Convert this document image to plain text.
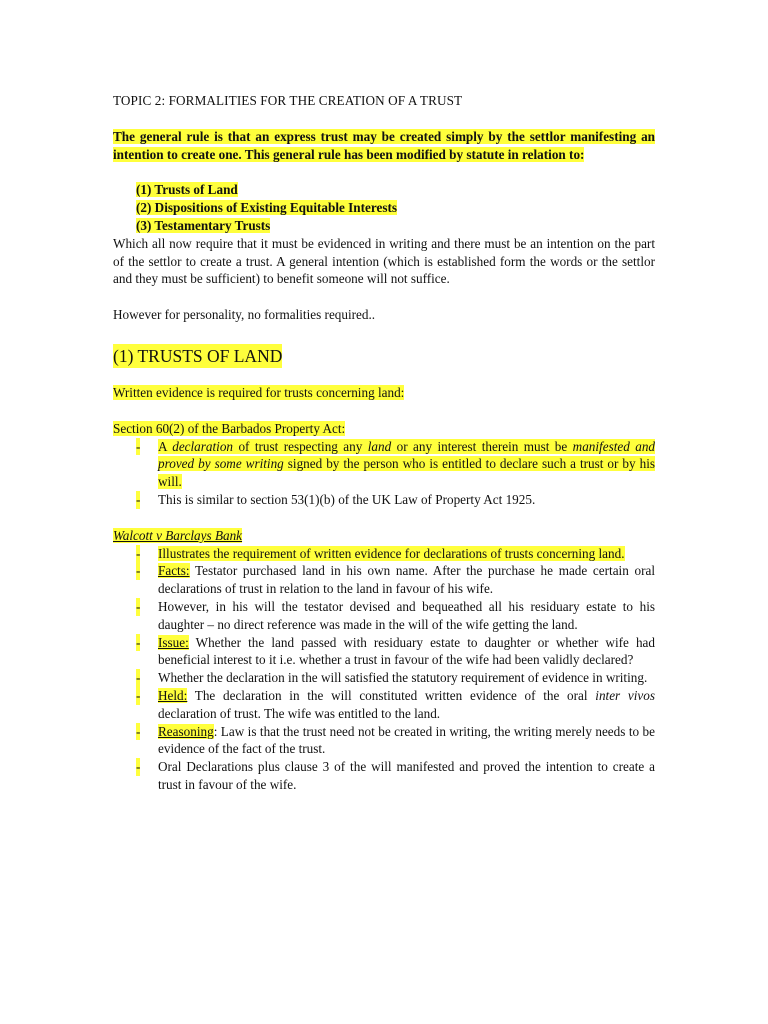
TOPIC 2: FORMALITIES FOR THE CREATION OF A TRUST

The general rule is that an express trust may be created simply by the settlor manifesting an intention to create one. This general rule has been modified by statute in relation to:

(1) Trusts of Land
(2) Dispositions of Existing Equitable Interests
(3) Testamentary Trusts

Which all now require that it must be evidenced in writing and there must be an intention on the part of the settlor to create a trust. A general intention (which is established form the words or the settlor and they must be sufficient) to benefit someone will not suffice.

However for personality, no formalities required..

(1) TRUSTS OF LAND

Written evidence is required for trusts concerning land:

Section 60(2) of the Barbados Property Act:

- A declaration of trust respecting any land or any interest therein must be manifested and proved by some writing signed by the person who is entitled to declare such a trust or by his will.
- This is similar to section 53(1)(b) of the UK Law of Property Act 1925.

Walcott v Barclays Bank

- Illustrates the requirement of written evidence for declarations of trusts concerning land.
- Facts: Testator purchased land in his own name. After the purchase he made certain oral declarations of trust in relation to the land in favour of his wife.
- However, in his will the testator devised and bequeathed all his residuary estate to his daughter – no direct reference was made in the will of the wife getting the land.
- Issue: Whether the land passed with residuary estate to daughter or whether wife had beneficial interest to it i.e. whether a trust in favour of the wife had been validly declared?
- Whether the declaration in the will satisfied the statutory requirement of evidence in writing.
- Held: The declaration in the will constituted written evidence of the oral inter vivos declaration of trust. The wife was entitled to the land.
- Reasoning: Law is that the trust need not be created in writing, the writing merely needs to be evidence of the fact of the trust.
- Oral Declarations plus clause 3 of the will manifested and proved the intention to create a trust in favour of the wife.
